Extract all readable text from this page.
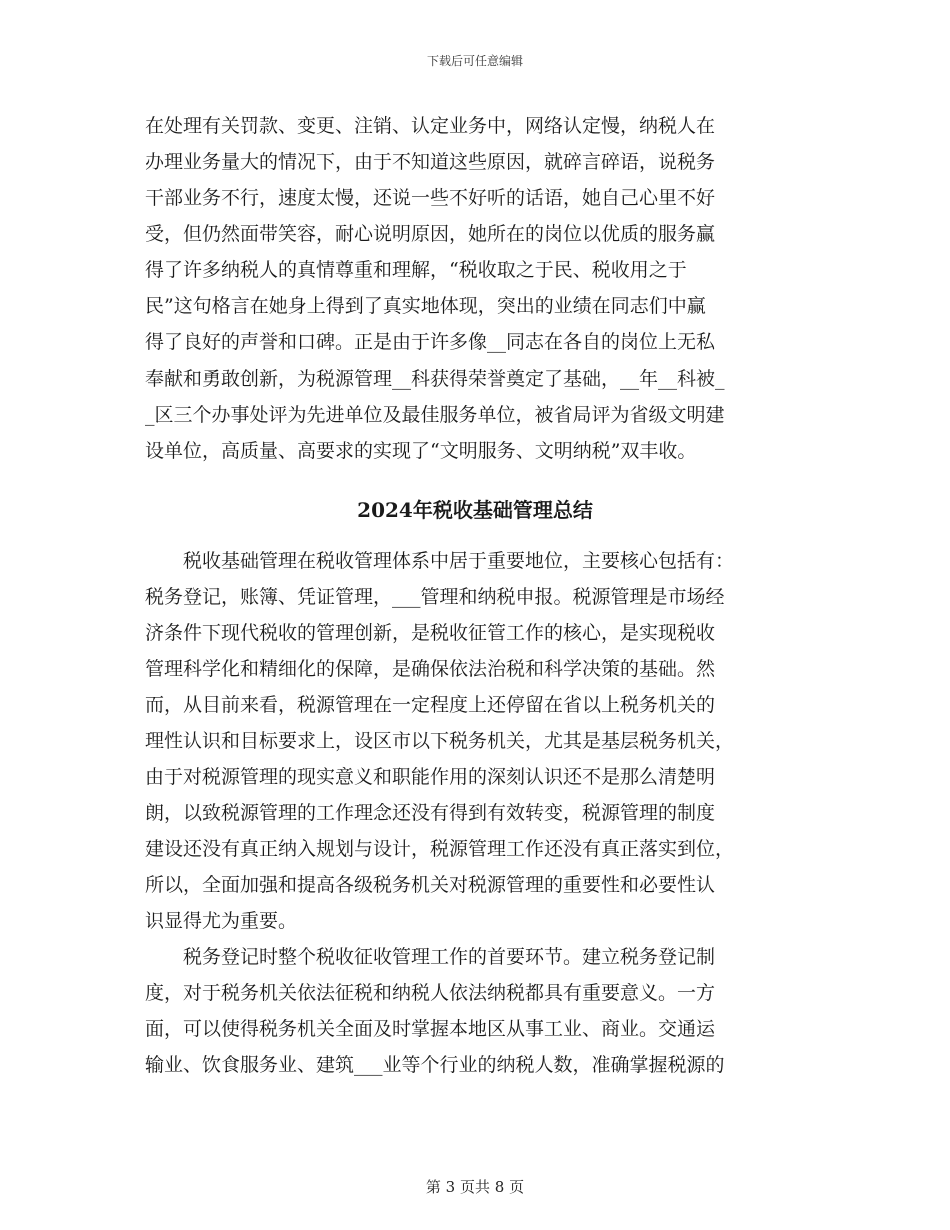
下载后可任意编辑
在处理有关罚款、变更、注销、认定业务中，网络认定慢，纳税人在
办理业务量大的情况下，由于不知道这些原因，就碎言碎语，说税务
干部业务不行，速度太慢，还说一些不好听的话语，她自己心里不好
受，但仍然面带笑容，耐心说明原因，她所在的岗位以优质的服务赢
得了许多纳税人的真情尊重和理解，“税收取之于民、税收用之于
民”这句格言在她身上得到了真实地体现，突出的业绩在同志们中赢
得了良好的声誉和口碑。正是由于许多像__同志在各自的岗位上无私
奉献和勇敢创新，为税源管理__科获得荣誉奠定了基础，__年__科被_
_区三个办事处评为先进单位及最佳服务单位，被省局评为省级文明建
设单位，高质量、高要求的实现了“文明服务、文明纳税”双丰收。
2024年税收基础管理总结
　　税收基础管理在税收管理体系中居于重要地位，主要核心包括有：
税务登记，账簿、凭证管理，___管理和纳税申报。税源管理是市场经
济条件下现代税收的管理创新，是税收征管工作的核心，是实现税收
管理科学化和精细化的保障，是确保依法治税和科学决策的基础。然
而，从目前来看，税源管理在一定程度上还停留在省以上税务机关的
理性认识和目标要求上，设区市以下税务机关，尤其是基层税务机关，
由于对税源管理的现实意义和职能作用的深刻认识还不是那么清楚明
朗，以致税源管理的工作理念还没有得到有效转变，税源管理的制度
建设还没有真正纳入规划与设计，税源管理工作还没有真正落实到位，
所以，全面加强和提高各级税务机关对税源管理的重要性和必要性认
识显得尤为重要。
　　税务登记时整个税收征收管理工作的首要环节。建立税务登记制
度，对于税务机关依法征税和纳税人依法纳税都具有重要意义。一方
面，可以使得税务机关全面及时掌握本地区从事工业、商业。交通运
输业、饮食服务业、建筑___业等个行业的纳税人数，准确掌握税源的
第 3 页共 8 页
